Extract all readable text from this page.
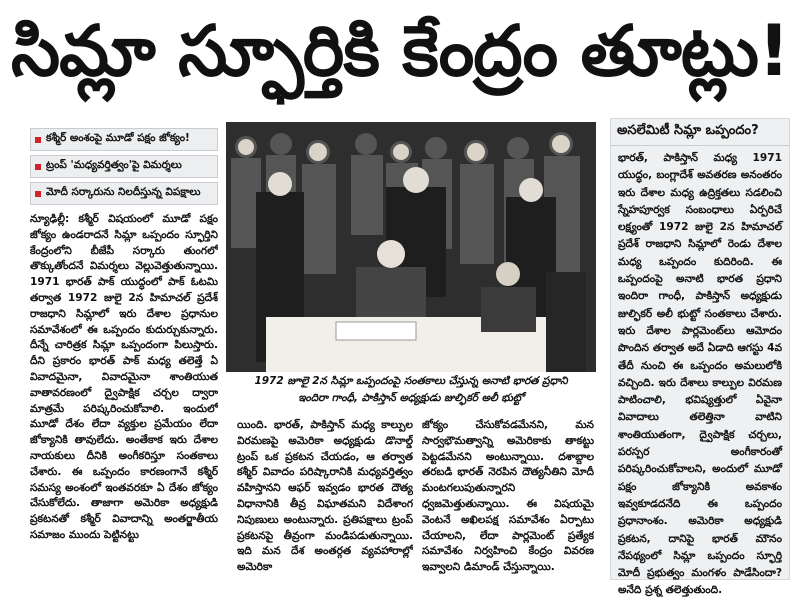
సిమ్లా స్ఫూర్తికి కేంద్రం తూట్లు!
కశ్మీర్ అంశంపై మూడో పక్షం జోక్యం!
ట్రంప్ 'మధ్యవర్తిత్వం'పై విమర్శలు
మోదీ సర్కారును నిలదీస్తున్న విపక్షాలు

న్యూఢిల్లీ: కశ్మీర్ విషయంలో మూడో పక్షం జోక్యం ఉండరాదనే సిమ్లా ఒప్పందం స్ఫూర్తిని కేంద్రంలోని బీజేపీ సర్కారు తుంగలో తొక్కుతోందనే విమర్శలు వెల్లువెత్తుతున్నాయి. 1971 భారత్ పాక్ యుద్ధంలో పాక్ ఓటమి తర్వాత 1972 జులై 2న హిమాచల్ ప్రదేశ్ రాజధాని సిమ్లాలో ఇరు దేశాల ప్రధానుల సమావేశంలో ఈ ఒప్పందం కుదుర్చుకున్నారు. దీన్నే చారిత్రక సిమ్లా ఒప్పందంగా పిలుస్తారు. దీని ప్రకారం భారత్ పాక్ మధ్య తలెత్తే ఏ వివాదమైనా, వివాదమైనా శాంతియుత వాతావరణంలో ద్వైపాక్షిక చర్చల ద్వారా మాత్రమే పరిష్కరించుకోవాలి. ఇందులో మూడో దేశం లేదా వ్యక్తుల ప్రమేయం లేదా జోక్యానికి తావులేదు. అంతేకాక ఇరు దేశాల నాయకులు దీనికి అంగీకరిస్తూ సంతకాలు చేశారు. ఈ ఒప్పందం కారణంగానే కశ్మీర్ సమస్య అంశంలో ఇంతవరకూ ఏ దేశం జోక్యం చేసుకోలేదు. తాజాగా అమెరికా అధ్యక్షుడి ప్రకటనతో కశ్మీర్ వివాదాన్ని అంతర్జాతీయ సమాజం ముందు పెట్టినట్టు

1972 జూలై 2న సిమ్లా ఒప్పందంపై సంతకాలు చేస్తున్న అనాటి భారత ప్రధాని
ఇందిరా గాంధీ, పాకిస్తాన్ అధ్యక్షుడు జుల్ఫికర్ అలీ భుట్టో

యింది. భారత్, పాకిస్తాన్ మధ్య కాల్పుల విరమణపై అమెరికా అధ్యక్షుడు డొనాల్డ్ ట్రంప్ ఒక ప్రకటన చేయడం, ఆ తర్వాత కశ్మీర్ వివాదం పరిష్కారానికి మధ్యవర్తిత్వం వహిస్తానని ఆఫర్ ఇవ్వడం భారత దౌత్య విధానానికి తీవ్ర విఘాతమని విదేశాంగ నిపుణులు అంటున్నారు. ప్రతిపక్షాలు ట్రంప్ ప్రకటనపై తీవ్రంగా మండిపడుతున్నాయి. ఇది మన దేశ అంతర్గత వ్యవహారాల్లో అమెరికా

జోక్యం చేసుకోవడమేనని, మన సార్వభౌమత్వాన్ని అమెరికాకు తాకట్టు పెట్టడమేనని అంటున్నాయి. దశాబ్దాల తరబడి భారత్ నెరపిన దౌత్యనీతిని మోదీ మంటగలుపుతున్నారని ధ్వజమెత్తుతున్నాయి. ఈ విషయమై వెంటనే అఖిలపక్ష సమావేశం ఏర్పాటు చేయాలని, లేదా పార్లమెంట్ ప్రత్యేక సమావేశం నిర్వహించి కేంద్రం వివరణ ఇవ్వాలని డిమాండ్ చేస్తున్నాయి.

అసలేమిటీ సిమ్లా ఒప్పందం?

భారత్, పాకిస్తాన్ మధ్య 1971 యుద్ధం, బంగ్లాదేశ్ అవతరణ అనంతరం ఇరు దేశాల మధ్య ఉద్రిక్తతలు సడలించి స్నేహపూర్వక సంబంధాలు ఏర్పరిచే లక్ష్యంతో 1972 జులై 2న హిమాచల్ ప్రదేశ్ రాజధాని సిమ్లాలో రెండు దేశాల మధ్య ఒప్పందం కుదిరింది. ఈ ఒప్పందంపై అనాటి భారత ప్రధాని ఇందిరా గాంధీ, పాకిస్తాన్ అధ్యక్షుడు జుల్ఫికర్ అలీ భుట్టో సంతకాలు చేశారు. ఇరు దేశాల పార్లమెంట్‌లు ఆమోదం పొందిన తర్వాత అదే ఏడాది ఆగస్టు 4వ తేదీ నుంచి ఈ ఒప్పందం అమలులోకి వచ్చింది. ఇరు దేశాలు కాల్పుల విరమణ పాటించాలి, భవిష్యత్తులో ఏవైనా వివాదాలు తలెత్తినా వాటిని శాంతియుతంగా, ద్వైపాక్షిక చర్చలు, పరస్పర అంగీకారంతో పరిష్కరించుకోవాలని, అందులో మూడో పక్షం జోక్యానికి అవకాశం ఇవ్వకూడదనేది ఈ ఒప్పందం ప్రధానాంశం. అమెరికా అధ్యక్షుడి ప్రకటన, దానిపై భారత్ మౌనం నేపథ్యంలో సిమ్లా ఒప్పందం స్ఫూర్తి మోదీ ప్రభుత్వం మంగళం పాడేసిందా? అనేది ప్రశ్న తలెత్తుతుంది.
